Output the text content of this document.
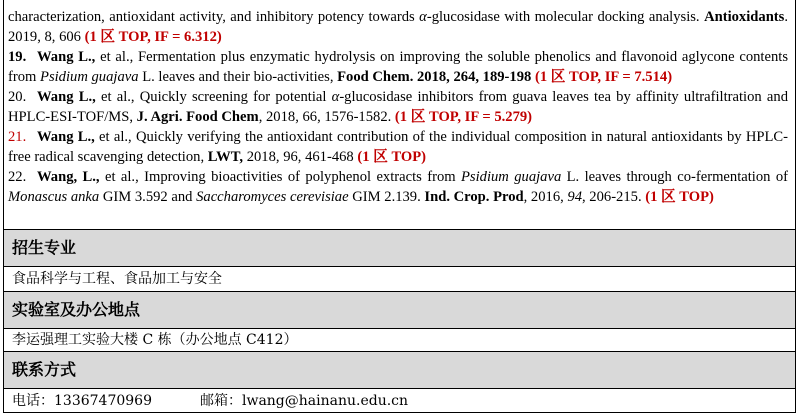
characterization, antioxidant activity, and inhibitory potency towards α-glucosidase with molecular docking analysis. Antioxidants. 2019, 8, 606 (1 区 TOP, IF = 6.312)
19. Wang L., et al., Fermentation plus enzymatic hydrolysis on improving the soluble phenolics and flavonoid aglycone contents from Psidium guajava L. leaves and their bio-activities, Food Chem. 2018, 264, 189-198 (1 区 TOP, IF = 7.514)
20. Wang L., et al., Quickly screening for potential α-glucosidase inhibitors from guava leaves tea by affinity ultrafiltration and HPLC-ESI-TOF/MS, J. Agri. Food Chem, 2018, 66, 1576-1582. (1 区 TOP, IF = 5.279)
21. Wang L., et al., Quickly verifying the antioxidant contribution of the individual composition in natural antioxidants by HPLC-free radical scavenging detection, LWT, 2018, 96, 461-468 (1 区 TOP)
22. Wang, L., et al., Improving bioactivities of polyphenol extracts from Psidium guajava L. leaves through co-fermentation of Monascus anka GIM 3.592 and Saccharomyces cerevisiae GIM 2.139. Ind. Crop. Prod, 2016, 94, 206-215. (1 区 TOP)
招生专业
食品科学与工程、食品加工与安全
实验室及办公地点
李运强理工实验大楼 C 栋（办公地点 C412）
联系方式
电话：13367470969	邮箱：lwang@hainanu.edu.cn
